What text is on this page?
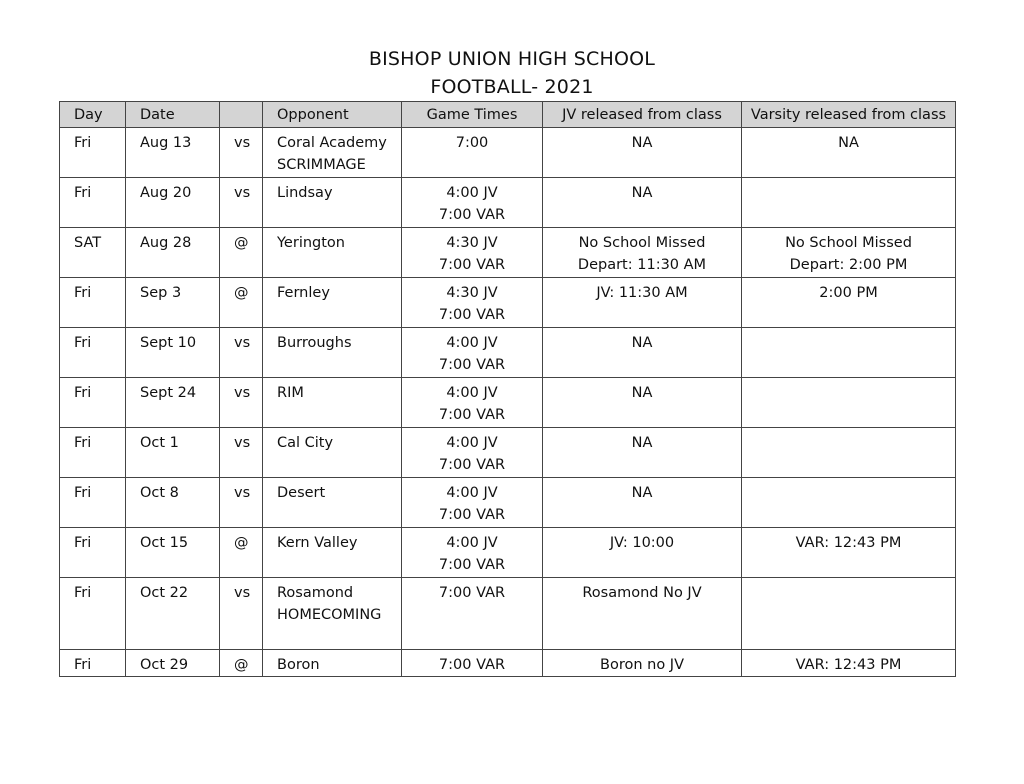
BISHOP UNION HIGH SCHOOL
FOOTBALL- 2021
Day	Date		Opponent	Game Times	JV released from class	Varsity released from class
Fri	Aug 13	vs	Coral Academy
SCRIMMAGE	7:00	NA	NA

Fri	Aug 20	vs	Lindsay	4:00 JV
7:00 VAR	NA	

SAT	Aug 28	@	Yerington	4:30 JV
7:00 VAR	No School Missed
Depart: 11:30 AM	No School Missed
Depart: 2:00 PM

Fri	Sep 3	@	Fernley	4:30 JV
7:00 VAR	JV: 11:30 AM	2:00 PM

Fri	Sept 10	vs	Burroughs	4:00 JV
7:00 VAR	NA	

Fri	Sept 24	vs	RIM	4:00 JV
7:00 VAR	NA	

Fri	Oct 1	vs	Cal City	4:00 JV
7:00 VAR	NA	

Fri	Oct 8	vs	Desert	4:00 JV
7:00 VAR	NA	

Fri	Oct 15	@	Kern Valley	4:00 JV
7:00 VAR	JV: 10:00	VAR: 12:43 PM

Fri	Oct 22	vs	Rosamond
HOMECOMING	7:00 VAR	Rosamond No JV	

Fri	Oct 29	@	Boron	7:00 VAR	Boron no JV	VAR: 12:43 PM
